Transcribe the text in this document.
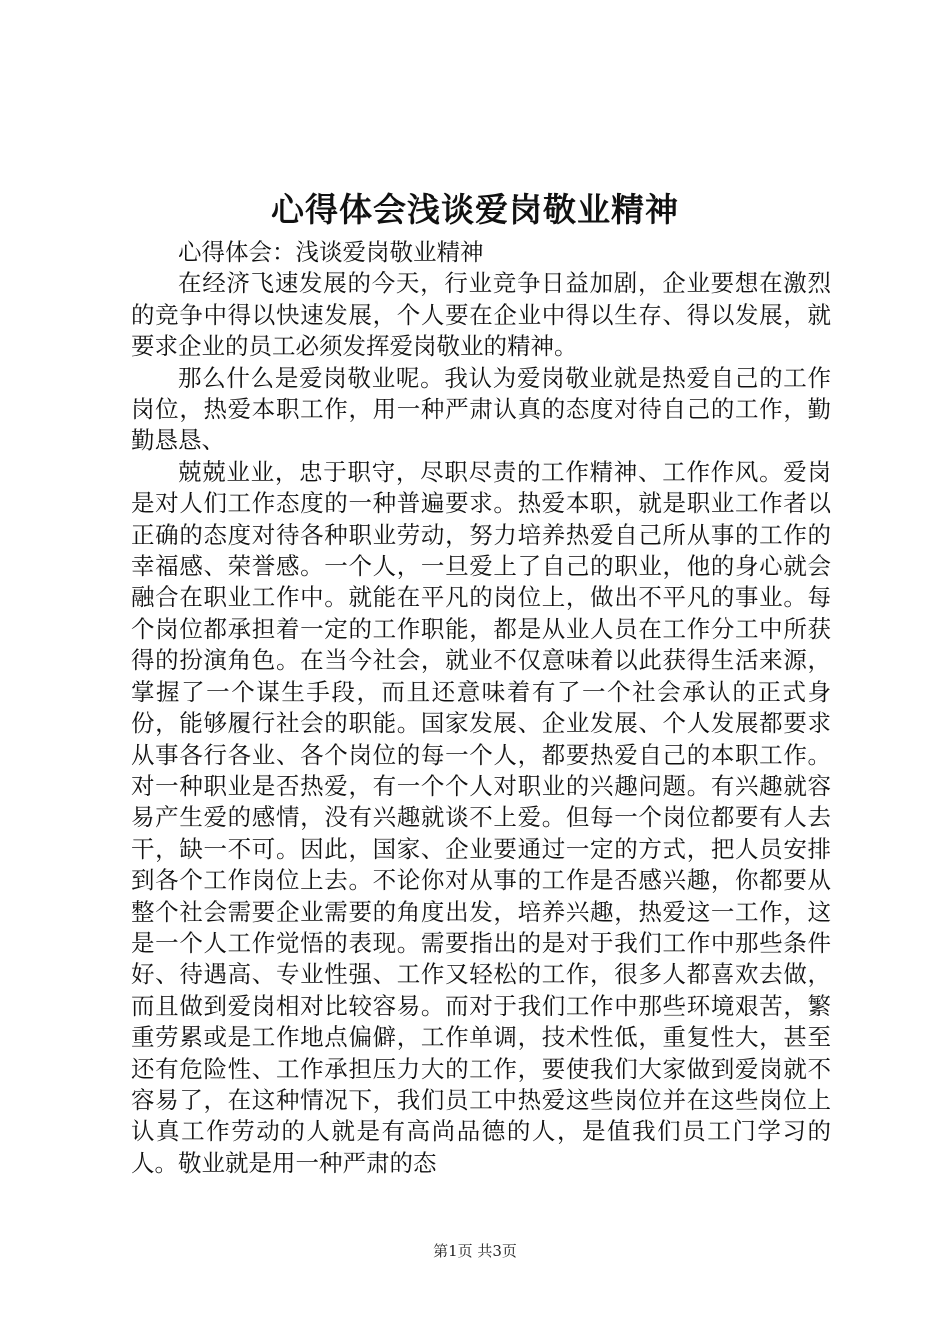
心得体会浅谈爱岗敬业精神

心得体会：浅谈爱岗敬业精神

在经济飞速发展的今天，行业竞争日益加剧，企业要想在激烈的竞争中得以快速发展，个人要在企业中得以生存、得以发展，就要求企业的员工必须发挥爱岗敬业的精神。

那么什么是爱岗敬业呢。我认为爱岗敬业就是热爱自己的工作岗位，热爱本职工作，用一种严肃认真的态度对待自己的工作，勤勤恳恳、

兢兢业业，忠于职守，尽职尽责的工作精神、工作作风。爱岗是对人们工作态度的一种普遍要求。热爱本职，就是职业工作者以正确的态度对待各种职业劳动，努力培养热爱自己所从事的工作的幸福感、荣誉感。一个人，一旦爱上了自己的职业，他的身心就会融合在职业工作中。就能在平凡的岗位上，做出不平凡的事业。每个岗位都承担着一定的工作职能，都是从业人员在工作分工中所获得的扮演角色。在当今社会，就业不仅意味着以此获得生活来源，掌握了一个谋生手段，而且还意味着有了一个社会承认的正式身份，能够履行社会的职能。国家发展、企业发展、个人发展都要求从事各行各业、各个岗位的每一个人，都要热爱自己的本职工作。对一种职业是否热爱，有一个个人对职业的兴趣问题。有兴趣就容易产生爱的感情，没有兴趣就谈不上爱。但每一个岗位都要有人去干，缺一不可。因此，国家、企业要通过一定的方式，把人员安排到各个工作岗位上去。不论你对从事的工作是否感兴趣，你都要从整个社会需要企业需要的角度出发，培养兴趣，热爱这一工作，这是一个人工作觉悟的表现。需要指出的是对于我们工作中那些条件好、待遇高、专业性强、工作又轻松的工作，很多人都喜欢去做，而且做到爱岗相对比较容易。而对于我们工作中那些环境艰苦，繁重劳累或是工作地点偏僻，工作单调，技术性低，重复性大，甚至还有危险性、工作承担压力大的工作，要使我们大家做到爱岗就不容易了，在这种情况下，我们员工中热爱这些岗位并在这些岗位上认真工作劳动的人就是有高尚品德的人，是值我们员工门学习的人。敬业就是用一种严肃的态

第1页 共3页
